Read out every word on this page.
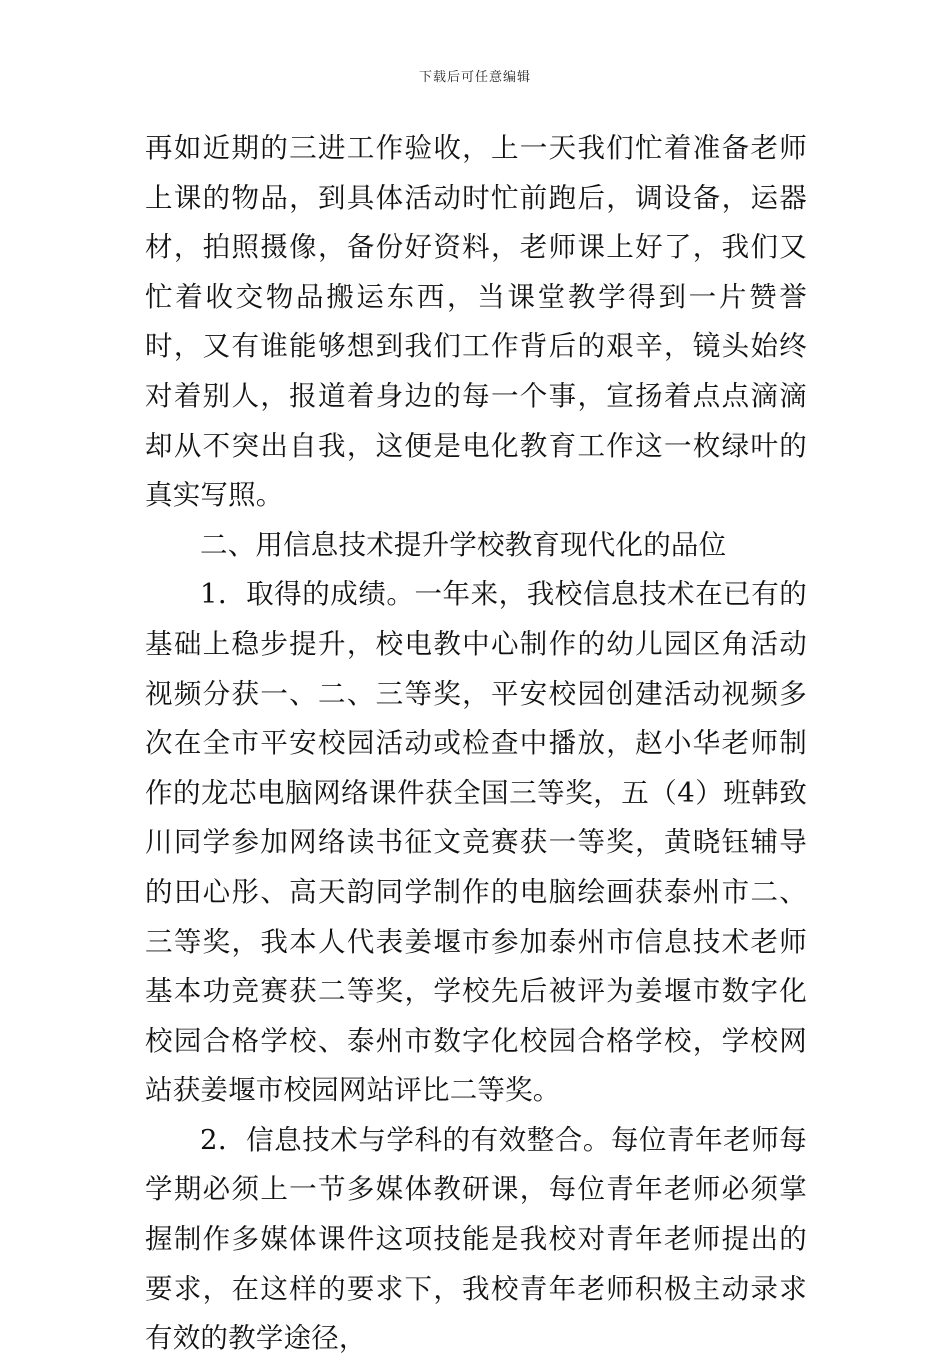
下载后可任意编辑

再如近期的三进工作验收，上一天我们忙着准备老师上课的物品，到具体活动时忙前跑后，调设备，运器材，拍照摄像，备份好资料，老师课上好了，我们又忙着收交物品搬运东西，当课堂教学得到一片赞誉时，又有谁能够想到我们工作背后的艰辛，镜头始终对着别人，报道着身边的每一个事，宣扬着点点滴滴却从不突出自我，这便是电化教育工作这一枚绿叶的真实写照。

二、用信息技术提升学校教育现代化的品位

1．取得的成绩。一年来，我校信息技术在已有的基础上稳步提升，校电教中心制作的幼儿园区角活动视频分获一、二、三等奖，平安校园创建活动视频多次在全市平安校园活动或检查中播放，赵小华老师制作的龙芯电脑网络课件获全国三等奖，五（4）班韩致川同学参加网络读书征文竞赛获一等奖，黄晓钰辅导的田心彤、高天韵同学制作的电脑绘画获泰州市二、三等奖，我本人代表姜堰市参加泰州市信息技术老师基本功竞赛获二等奖，学校先后被评为姜堰市数字化校园合格学校、泰州市数字化校园合格学校，学校网站获姜堰市校园网站评比二等奖。

2．信息技术与学科的有效整合。每位青年老师每学期必须上一节多媒体教研课，每位青年老师必须掌握制作多媒体课件这项技能是我校对青年老师提出的要求，在这样的要求下，我校青年老师积极主动录求有效的教学途径，
